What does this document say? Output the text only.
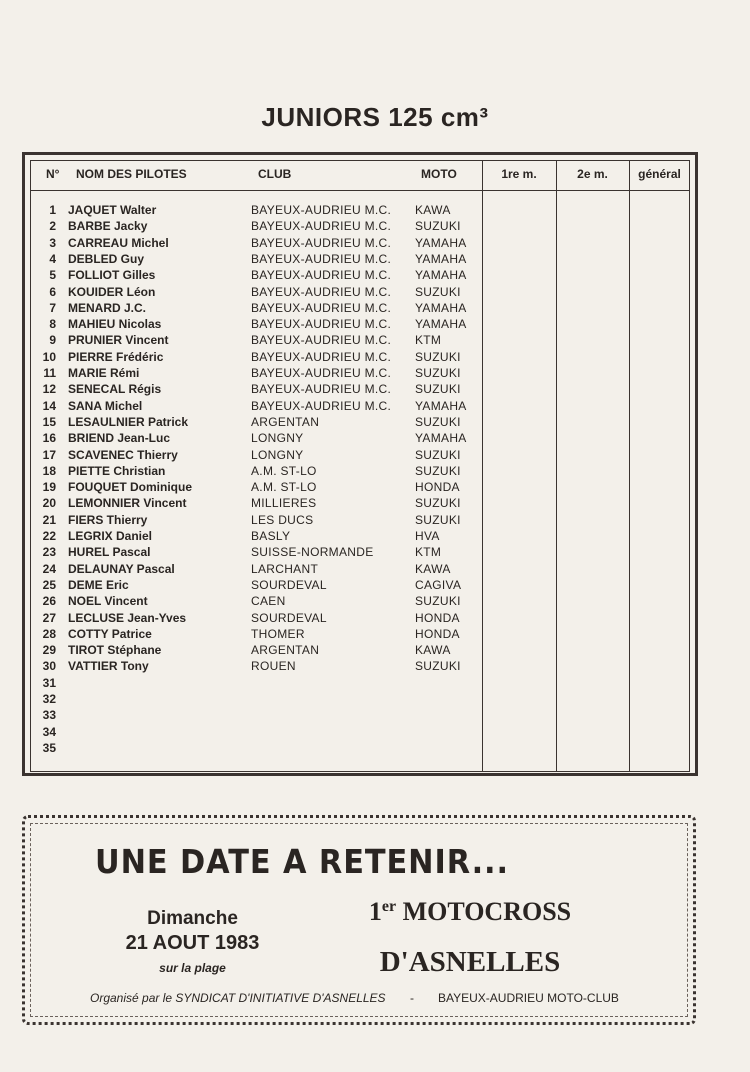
JUNIORS 125 cm³
N° NOM DES PILOTES	CLUB	MOTO	1re m.	2e m.	général
1 JAQUET Walter	BAYEUX-AUDRIEU M.C. KAWA
2 BARBE Jacky	BAYEUX-AUDRIEU M.C. SUZUKI
3 CARREAU Michel	BAYEUX-AUDRIEU M.C. YAMAHA
4 DEBLED Guy	BAYEUX-AUDRIEU M.C. YAMAHA
5 FOLLIOT Gilles	BAYEUX-AUDRIEU M.C. YAMAHA
6 KOUIDER Léon	BAYEUX-AUDRIEU M.C. SUZUKI
7 MENARD J.C.	BAYEUX-AUDRIEU M.C. YAMAHA
8 MAHIEU Nicolas	BAYEUX-AUDRIEU M.C. YAMAHA
9 PRUNIER Vincent	BAYEUX-AUDRIEU M.C. KTM
10 PIERRE Frédéric	BAYEUX-AUDRIEU M.C. SUZUKI
11 MARIE Rémi	BAYEUX-AUDRIEU M.C. SUZUKI
12 SENECAL Régis	BAYEUX-AUDRIEU M.C. SUZUKI
14 SANA Michel	BAYEUX-AUDRIEU M.C. YAMAHA
15 LESAULNIER Patrick	ARGENTAN	SUZUKI
16 BRIEND Jean-Luc	LONGNY	YAMAHA
17 SCAVENEC Thierry	LONGNY	SUZUKI
18 PIETTE Christian	A.M. ST-LO	SUZUKI
19 FOUQUET Dominique	A.M. ST-LO	HONDA
20 LEMONNIER Vincent	MILLIERES	SUZUKI
21 FIERS Thierry	LES DUCS	SUZUKI
22 LEGRIX Daniel	BASLY	HVA
23 HUREL Pascal	SUISSE-NORMANDE	KTM
24 DELAUNAY Pascal	LARCHANT	KAWA
25 DEME Eric	SOURDEVAL	CAGIVA
26 NOEL Vincent	CAEN	SUZUKI
27 LECLUSE Jean-Yves	SOURDEVAL	HONDA
28 COTTY Patrice	THOMER	HONDA
29 TIROT Stéphane	ARGENTAN	KAWA
30 VATTIER Tony	ROUEN	SUZUKI
31
32
33
34
35
UNE DATE A RETENIR...
Dimanche
21 AOUT 1983
sur la plage
1er MOTOCROSS
D'ASNELLES
Organisé par le SYNDICAT D'INITIATIVE D'ASNELLES - BAYEUX-AUDRIEU MOTO-CLUB
